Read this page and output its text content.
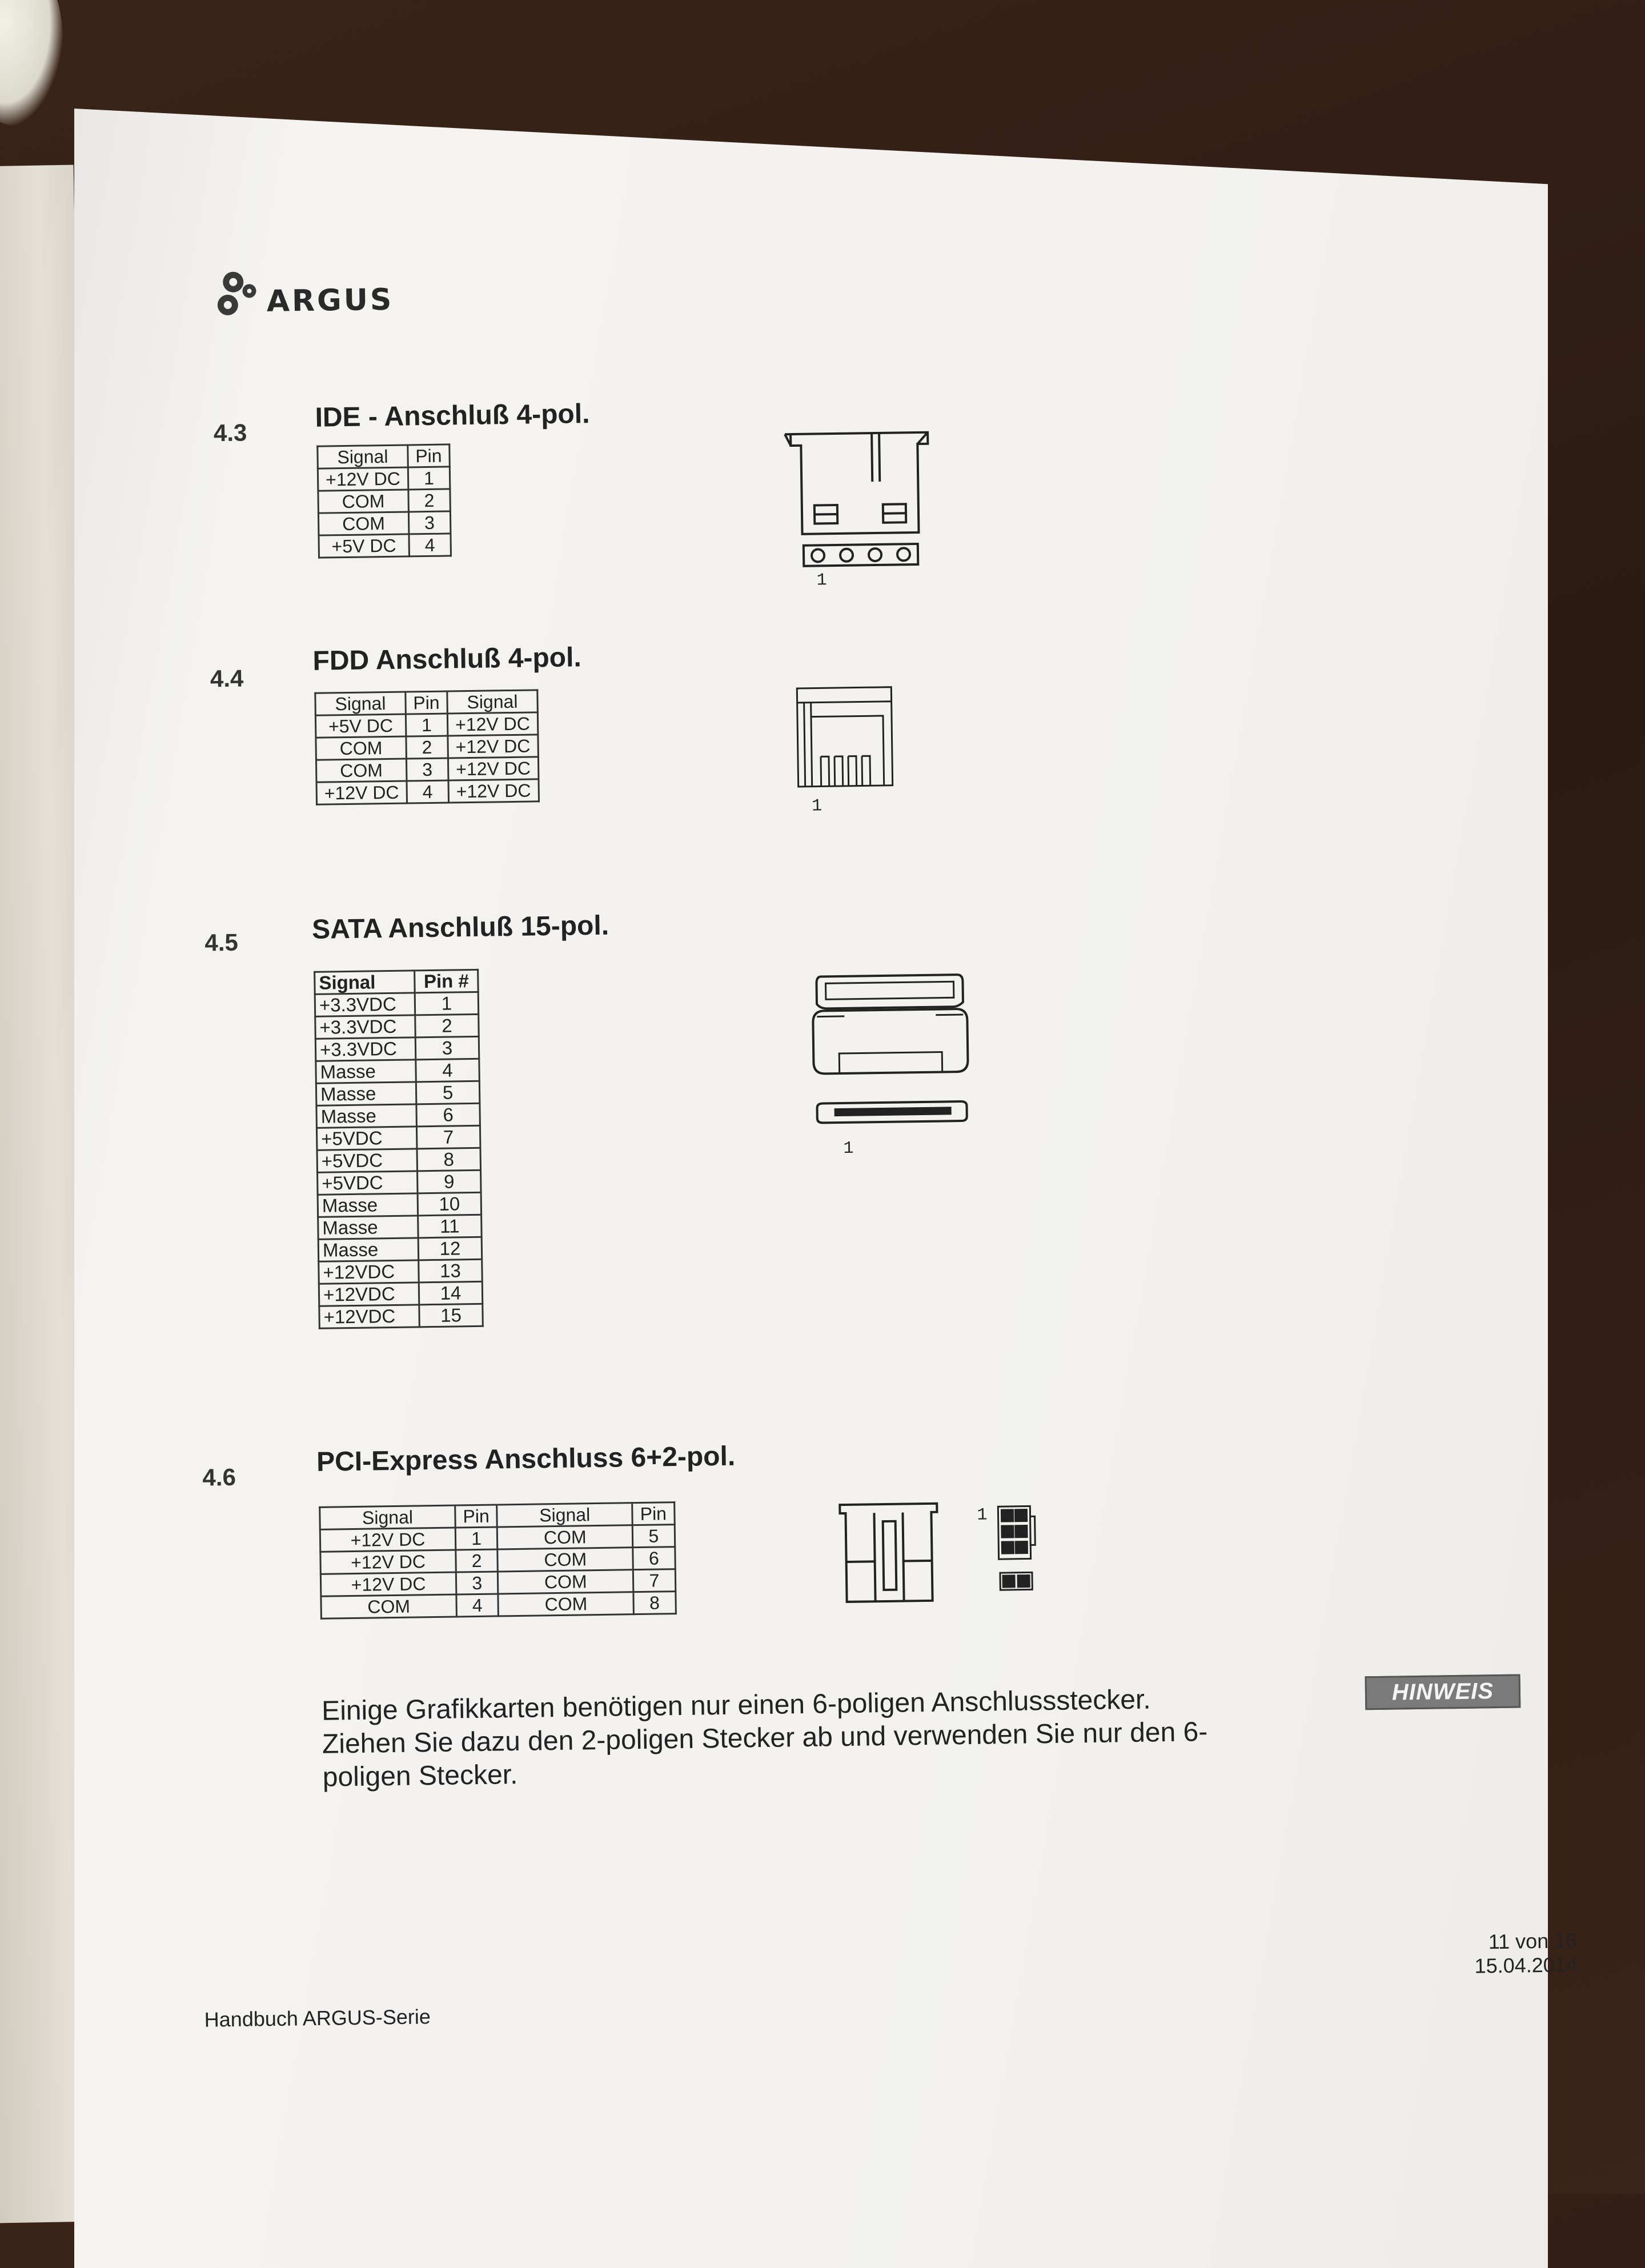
ARGUS
4.3 IDE - Anschluß 4-pol.
Signal	Pin
+12V DC	1
COM	2
COM	3
+5V DC	4
1
4.4
FDD Anschluß 4-pol.
Signal	Pin	Signal
+5V DC	1	+12V DC
COM	2	+12V DC
COM	3	+12V DC
+12V DC	4	+12V DC
1
4.5	SATA Anschluß 15-pol.
Signal	Pin #
+3.3VDC	1
+3.3VDC	2
+3.3VDC	3
Masse	4
Masse	5
Masse	6
+5VDC	7
+5VDC	8
+5VDC	9
Masse	10
Masse	11
Masse	12
+12VDC	13
+12VDC	14
+12VDC	15
1
4.6	PCI-Express Anschluss 6+2-pol.
Signal	Pin	Signal	Pin
+12V DC	1	COM	5
+12V DC	2	COM	6
+12V DC	3	COM	7
COM	4	COM	8
1
Einige Grafikkarten benötigen nur einen 6-poligen Anschlussstecker.
Ziehen Sie dazu den 2-poligen Stecker ab und verwenden Sie nur den 6-
poligen Stecker.
HINWEIS
Handbuch ARGUS-Serie
11 von 16
15.04.2014
